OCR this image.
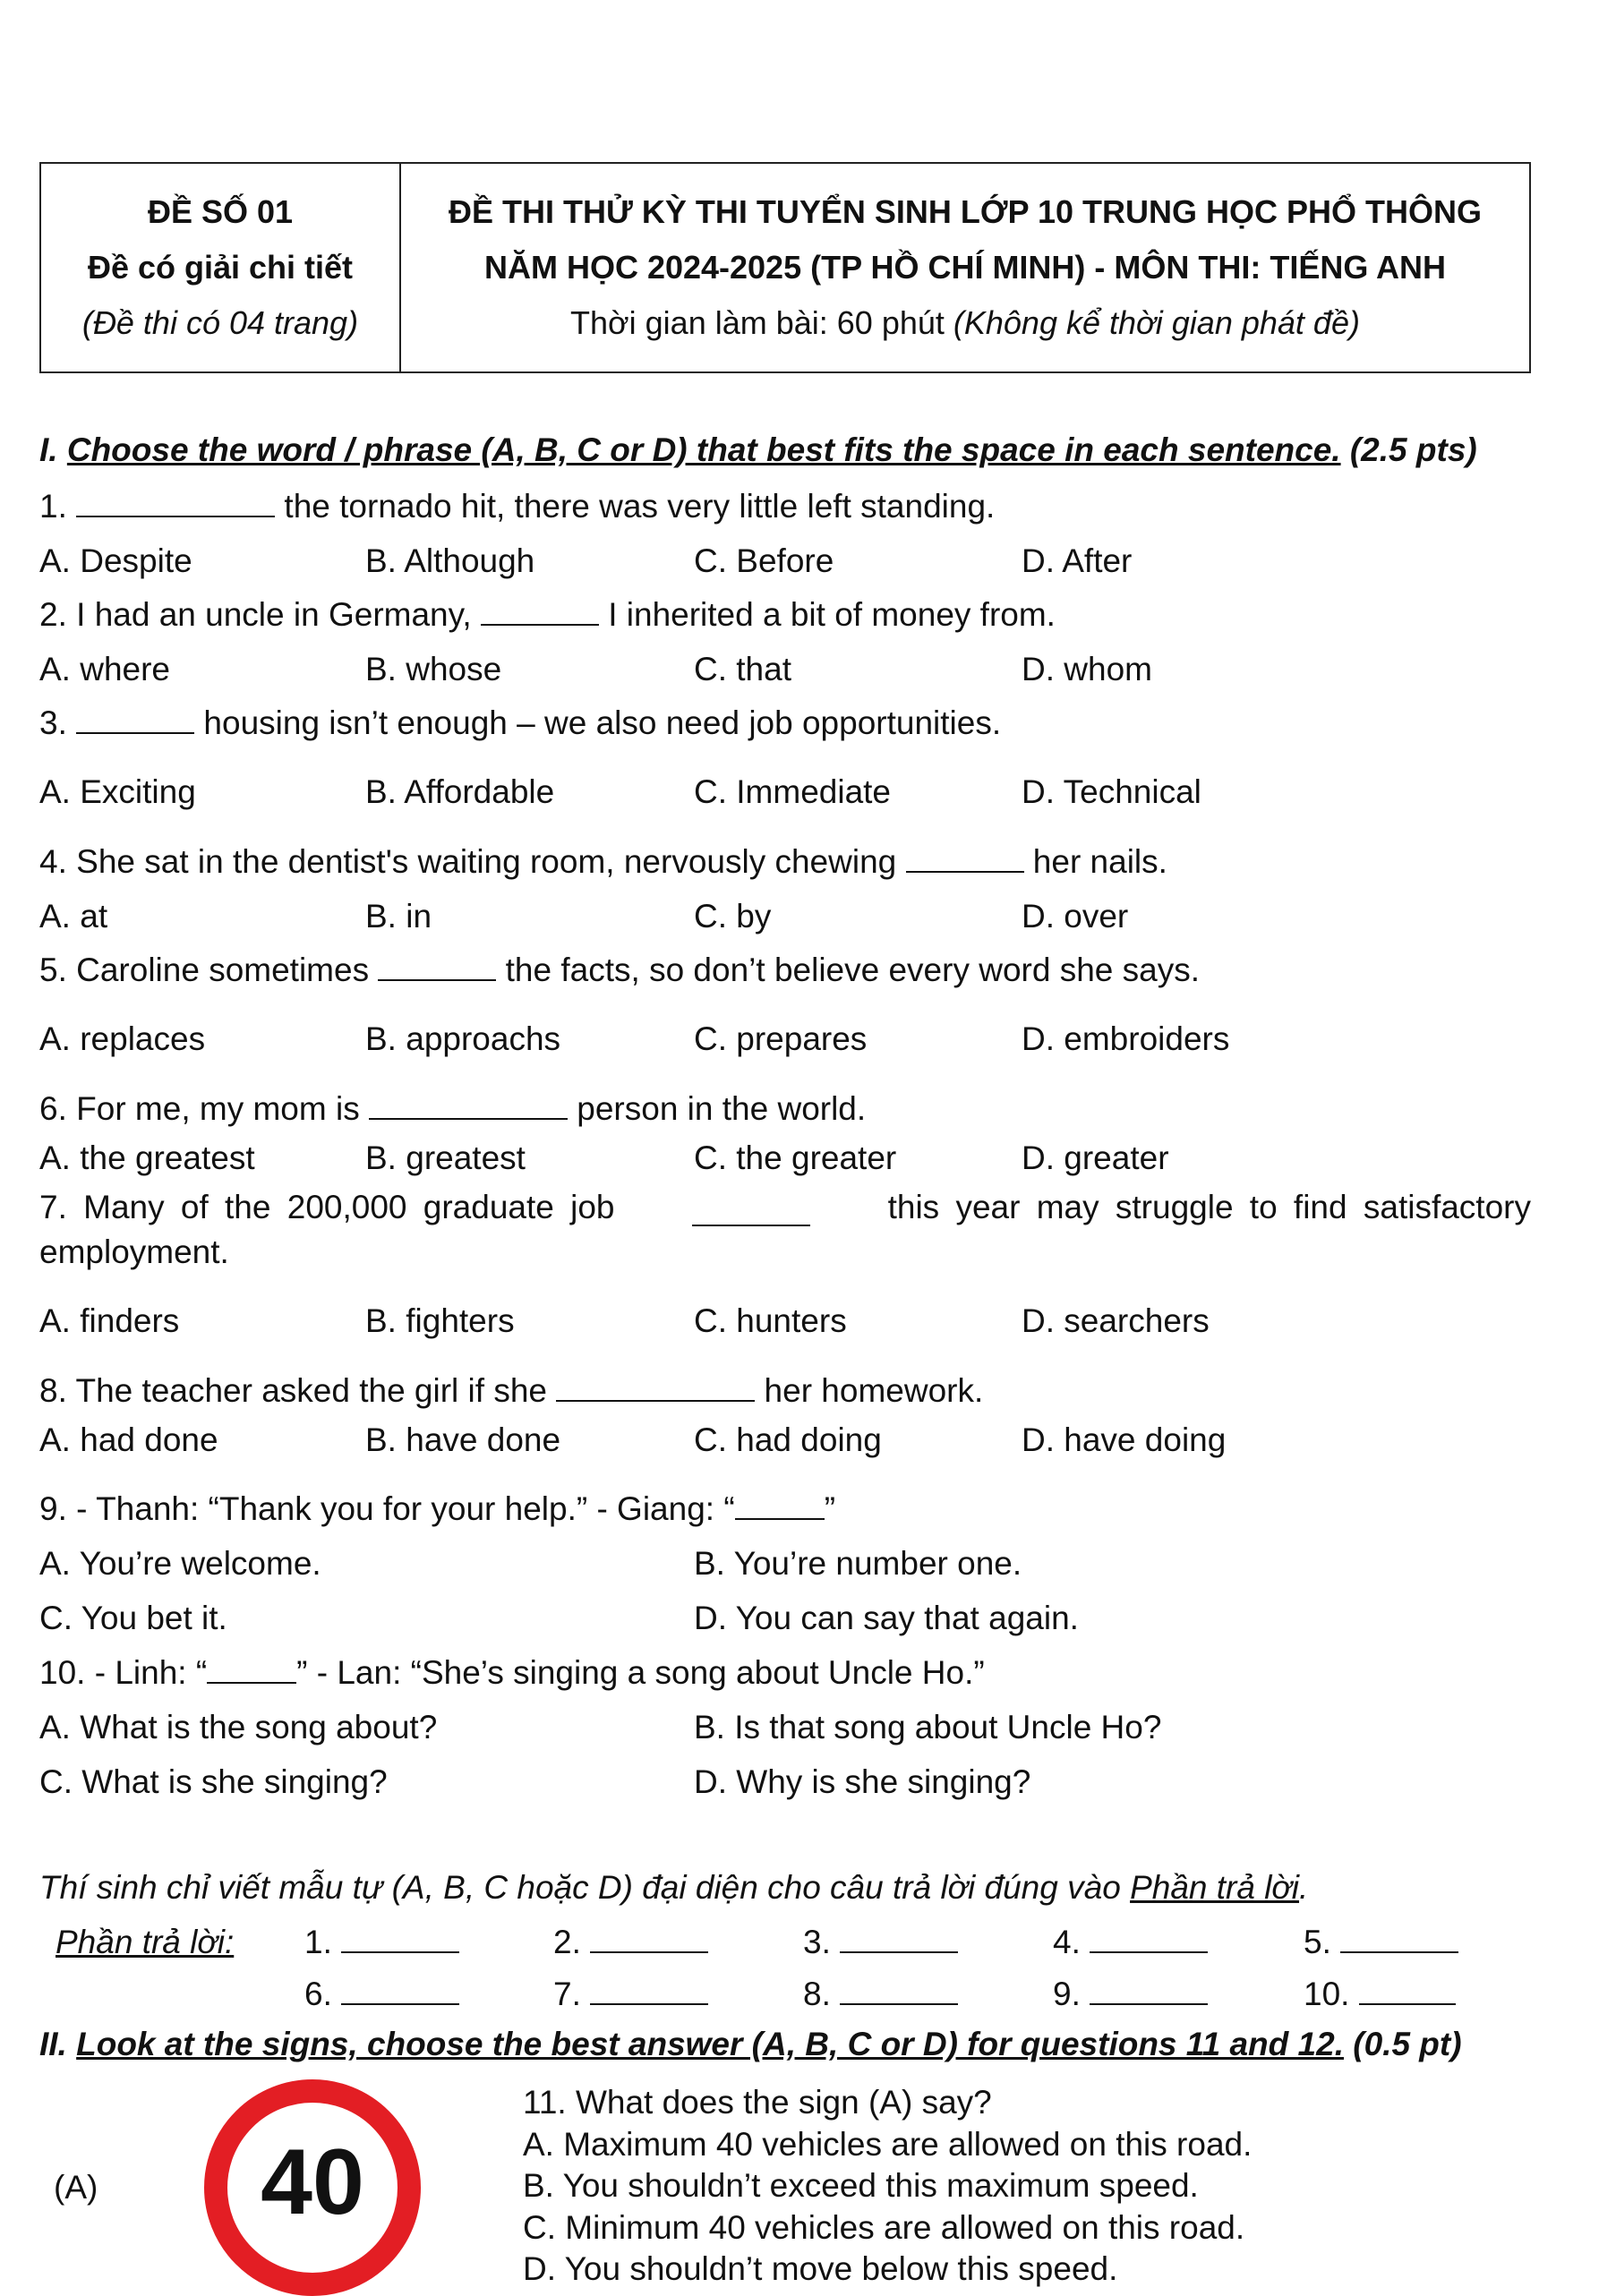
ĐỀ SỐ 01
Đề có giải chi tiết
(Đề thi có 04 trang)
ĐỀ THI THỬ KỲ THI TUYỂN SINH LỚP 10 TRUNG HỌC PHỔ THÔNG
NĂM HỌC 2024-2025 (TP HỒ CHÍ MINH) - MÔN THI: TIẾNG ANH
Thời gian làm bài: 60 phút (Không kể thời gian phát đề)
I. Choose the word / phrase (A, B, C or D) that best fits the space in each sentence. (2.5 pts)
1.	the tornado hit, there was very little left standing.
A. Despite	B. Although	C. Before	D. After
2. I had an uncle in Germany,	I inherited a bit of money from.
A. where	B. whose	C. that	D. whom
3.	housing isn’t enough – we also need job opportunities.
A. Exciting	B. Affordable	C. Immediate	D. Technical
4. She sat in the dentist's waiting room, nervously chewing	her nails.
A. at	B. in	C. by	D. over
5. Caroline sometimes	the facts, so don’t believe every word she says.
A. replaces	B. approachs	C. prepares	D. embroiders
6. For me, my mom is	person in the world.
A. the greatest	B. greatest	C. the greater	D. greater
7. Many of the 200,000 graduate job	this year may struggle to find satisfactory
employment.
A. finders	B. fighters	C. hunters	D. searchers
8. The teacher asked the girl if she	her homework.
A. had done	B. have done	C. had doing	D. have doing
9. - Thanh: “Thank you for your help.” - Giang: “	”
A. You’re welcome.	B. You’re number one.
C. You bet it.	D. You can say that again.
10. - Linh: “	” - Lan: “She’s singing a song about Uncle Ho.”
A. What is the song about?	B. Is that song about Uncle Ho?
C. What is she singing?	D. Why is she singing?
Thí sinh chỉ viết mẫu tự (A, B, C hoặc D) đại diện cho câu trả lời đúng vào Phần trả lời.
Phần trả lời: 1.	2.	3.	4.	5.
6.	7.	8.	9.	10.
II. Look at the signs, choose the best answer (A, B, C or D) for questions 11 and 12. (0.5 pt)
(A) 40
11. What does the sign (A) say?
A. Maximum 40 vehicles are allowed on this road.
B. You shouldn’t exceed this maximum speed.
C. Minimum 40 vehicles are allowed on this road.
D. You shouldn’t move below this speed.
